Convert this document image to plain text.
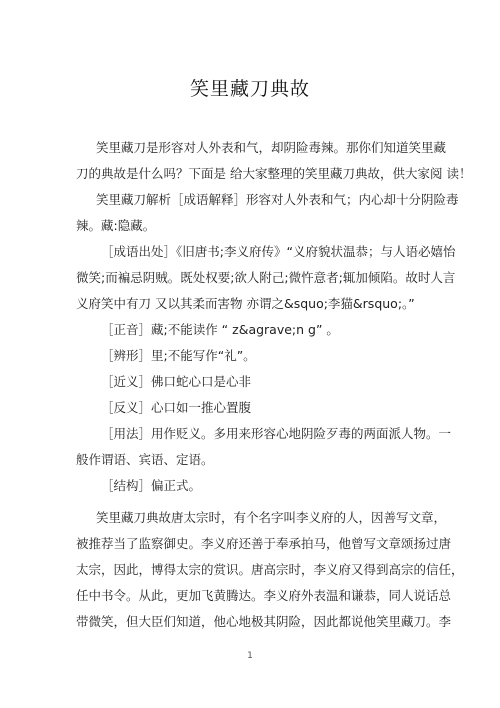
笑里藏刀典故
笑里藏刀是形容对人外表和气，却阴险毒辣。那你们知道笑里藏
刀的典故是什么吗？下面是 给大家整理的笑里藏刀典故，供大家阅 读！
笑里藏刀解析［成语解释］形容对人外表和气；内心却十分阴险毒
辣。藏:隐藏。
［成语出处］《旧唐书;李义府传》“义府貌状温恭；与人语必嬉怡
微笑;而褊忌阴贼。既处权要;欲人附己;微忤意者;辄加倾陷。故时人言
义府笑中有刀 又以其柔而害物 亦谓之&squo;李猫&rsquo;。”
［正音］藏;不能读作 “ z&agrave;n g” 。
［辨形］里;不能写作“礼”。
［近义］佛口蛇心口是心非
［反义］心口如一推心置腹
［用法］用作贬义。多用来形容心地阴险歹毒的两面派人物。一
般作谓语、宾语、定语。
［结构］偏正式。
笑里藏刀典故唐太宗时，有个名字叫李义府的人，因善写文章，
被推荐当了监察御史。李义府还善于奉承拍马，他曾写文章颂扬过唐
太宗，因此，博得太宗的赏识。唐高宗时，李义府又得到高宗的信任，
任中书令。从此，更加飞黄腾达。李义府外表温和谦恭，同人说话总
带微笑，但大臣们知道，他心地极其阴险，因此都说他笑里藏刀。李
1
